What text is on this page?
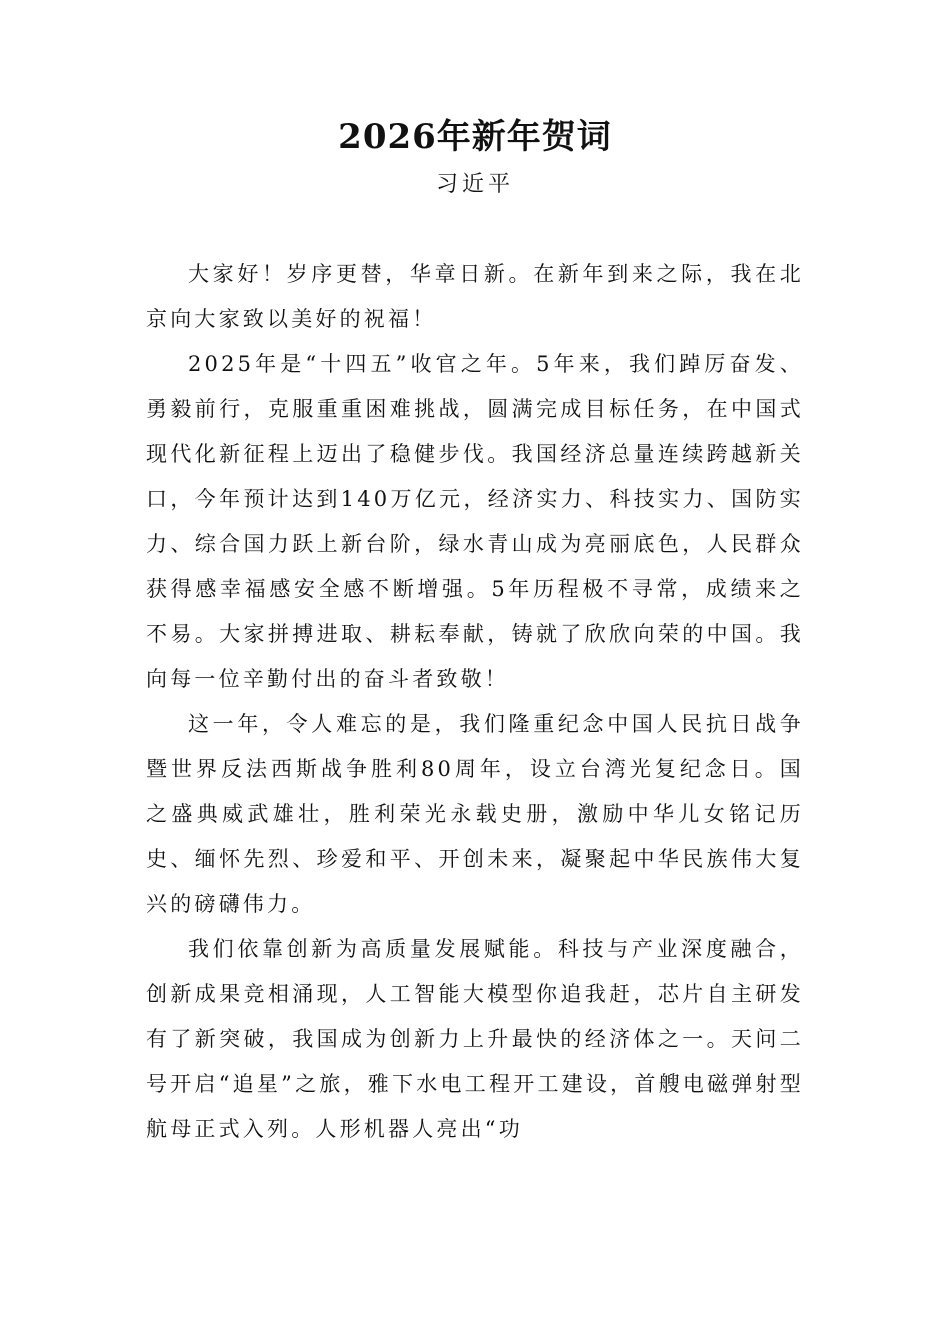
2026年新年贺词
习近平

大家好！岁序更替，华章日新。在新年到来之际，我在北京向大家致以美好的祝福！

2025年是“十四五”收官之年。5年来，我们踔厉奋发、勇毅前行，克服重重困难挑战，圆满完成目标任务，在中国式现代化新征程上迈出了稳健步伐。我国经济总量连续跨越新关口，今年预计达到140万亿元，经济实力、科技实力、国防实力、综合国力跃上新台阶，绿水青山成为亮丽底色，人民群众获得感幸福感安全感不断增强。5年历程极不寻常，成绩来之不易。大家拼搏进取、耕耘奉献，铸就了欣欣向荣的中国。我向每一位辛勤付出的奋斗者致敬！

这一年，令人难忘的是，我们隆重纪念中国人民抗日战争暨世界反法西斯战争胜利80周年，设立台湾光复纪念日。国之盛典威武雄壮，胜利荣光永载史册，激励中华儿女铭记历史、缅怀先烈、珍爱和平、开创未来，凝聚起中华民族伟大复兴的磅礴伟力。

我们依靠创新为高质量发展赋能。科技与产业深度融合，创新成果竞相涌现，人工智能大模型你追我赶，芯片自主研发有了新突破，我国成为创新力上升最快的经济体之一。天问二号开启“追星”之旅，雅下水电工程开工建设，首艘电磁弹射型航母正式入列。人形机器人亮出“功
